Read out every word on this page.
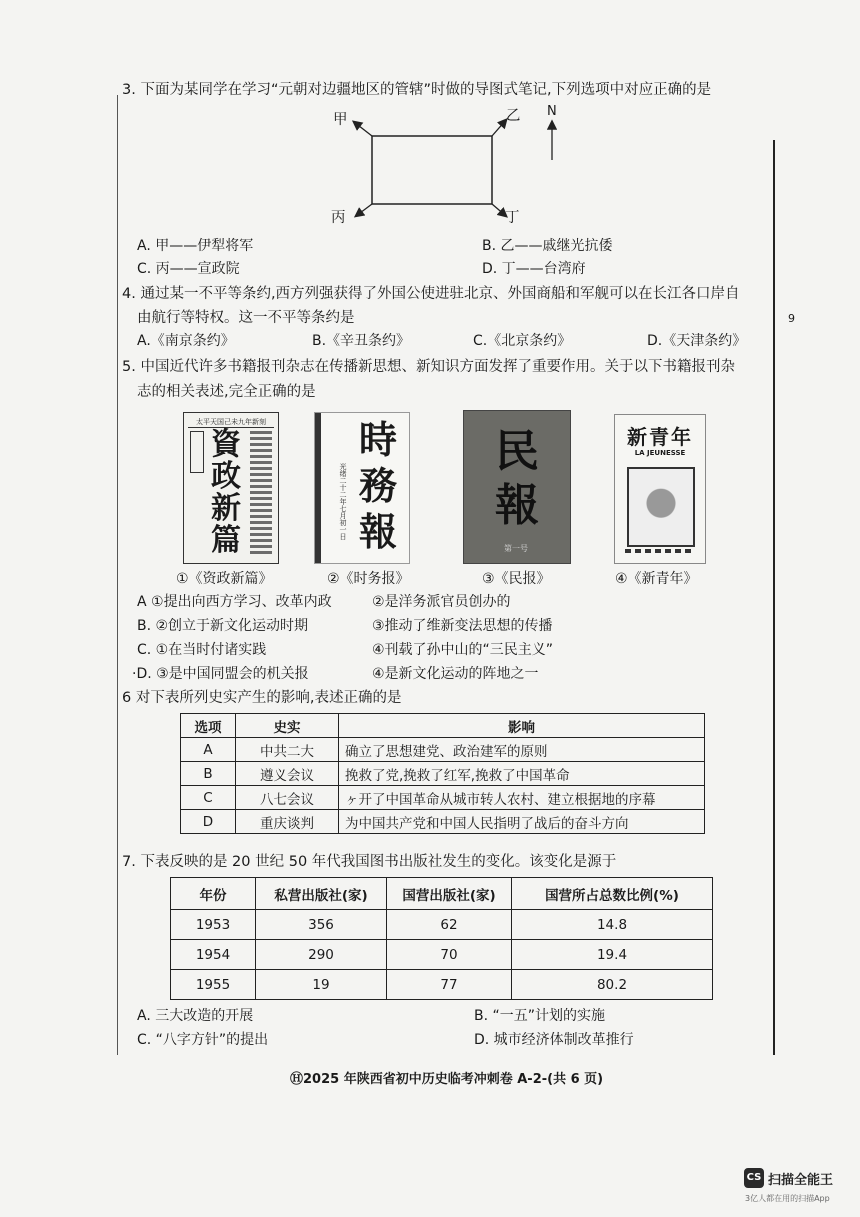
9
3. 下面为某同学在学习“元朝对边疆地区的管辖”时做的导图式笔记,下列选项中对应正确的是
甲	乙
丙	丁
N
A. 甲——伊犁将军	B. 乙——戚继光抗倭
C. 丙——宣政院	D. 丁——台湾府
4. 通过某一不平等条约,西方列强获得了外国公使进驻北京、外国商船和军舰可以在长江各口岸自
由航行等特权。这一不平等条约是
A.《南京条约》	B.《辛丑条约》	C.《北京条约》	D.《天津条约》
5. 中国近代许多书籍报刊杂志在传播新思想、新知识方面发挥了重要作用。关于以下书籍报刊杂
志的相关表述,完全正确的是
太平天国己未九年新刻
資
政
新
篇
①《资政新篇》
時
務
報
光绪二十二年七月初一日
②《时务报》
民
報
第一号
③《民报》
新青年
LA JEUNESSE
④《新青年》
A ①提出向西方学习、改革内政	②是洋务派官员创办的
B. ②创立于新文化运动时期	③推动了维新变法思想的传播
C. ①在当时付诸实践	④刊载了孙中山的“三民主义”
·D. ③是中国同盟会的机关报	④是新文化运动的阵地之一
6 对下表所列史实产生的影响,表述正确的是
选项	史实	影响
A	中共二大	确立了思想建党、政治建军的原则
B	遵义会议	挽救了党,挽救了红军,挽救了中国革命
C	八七会议	ヶ开了中国革命从城市转人农村、建立根据地的序幕
D	重庆谈判	为中国共产党和中国人民指明了战后的奋斗方向
7. 下表反映的是 20 世纪 50 年代我国图书出版社发生的变化。该变化是源于
年份	私营出版社(家)	国营出版社(家)	国营所占总数比例(%)
1953	356	62	14.8
1954	290	70	19.4
1955	19	77	80.2
A. 三大改造的开展	B. “一五”计划的实施
C. “八字方针”的提出	D. 城市经济体制改革推行
Ⓗ2025 年陕西省初中历史临考冲刺卷 A-2-(共 6 页)
CS 扫描全能王
3亿人都在用的扫描App
